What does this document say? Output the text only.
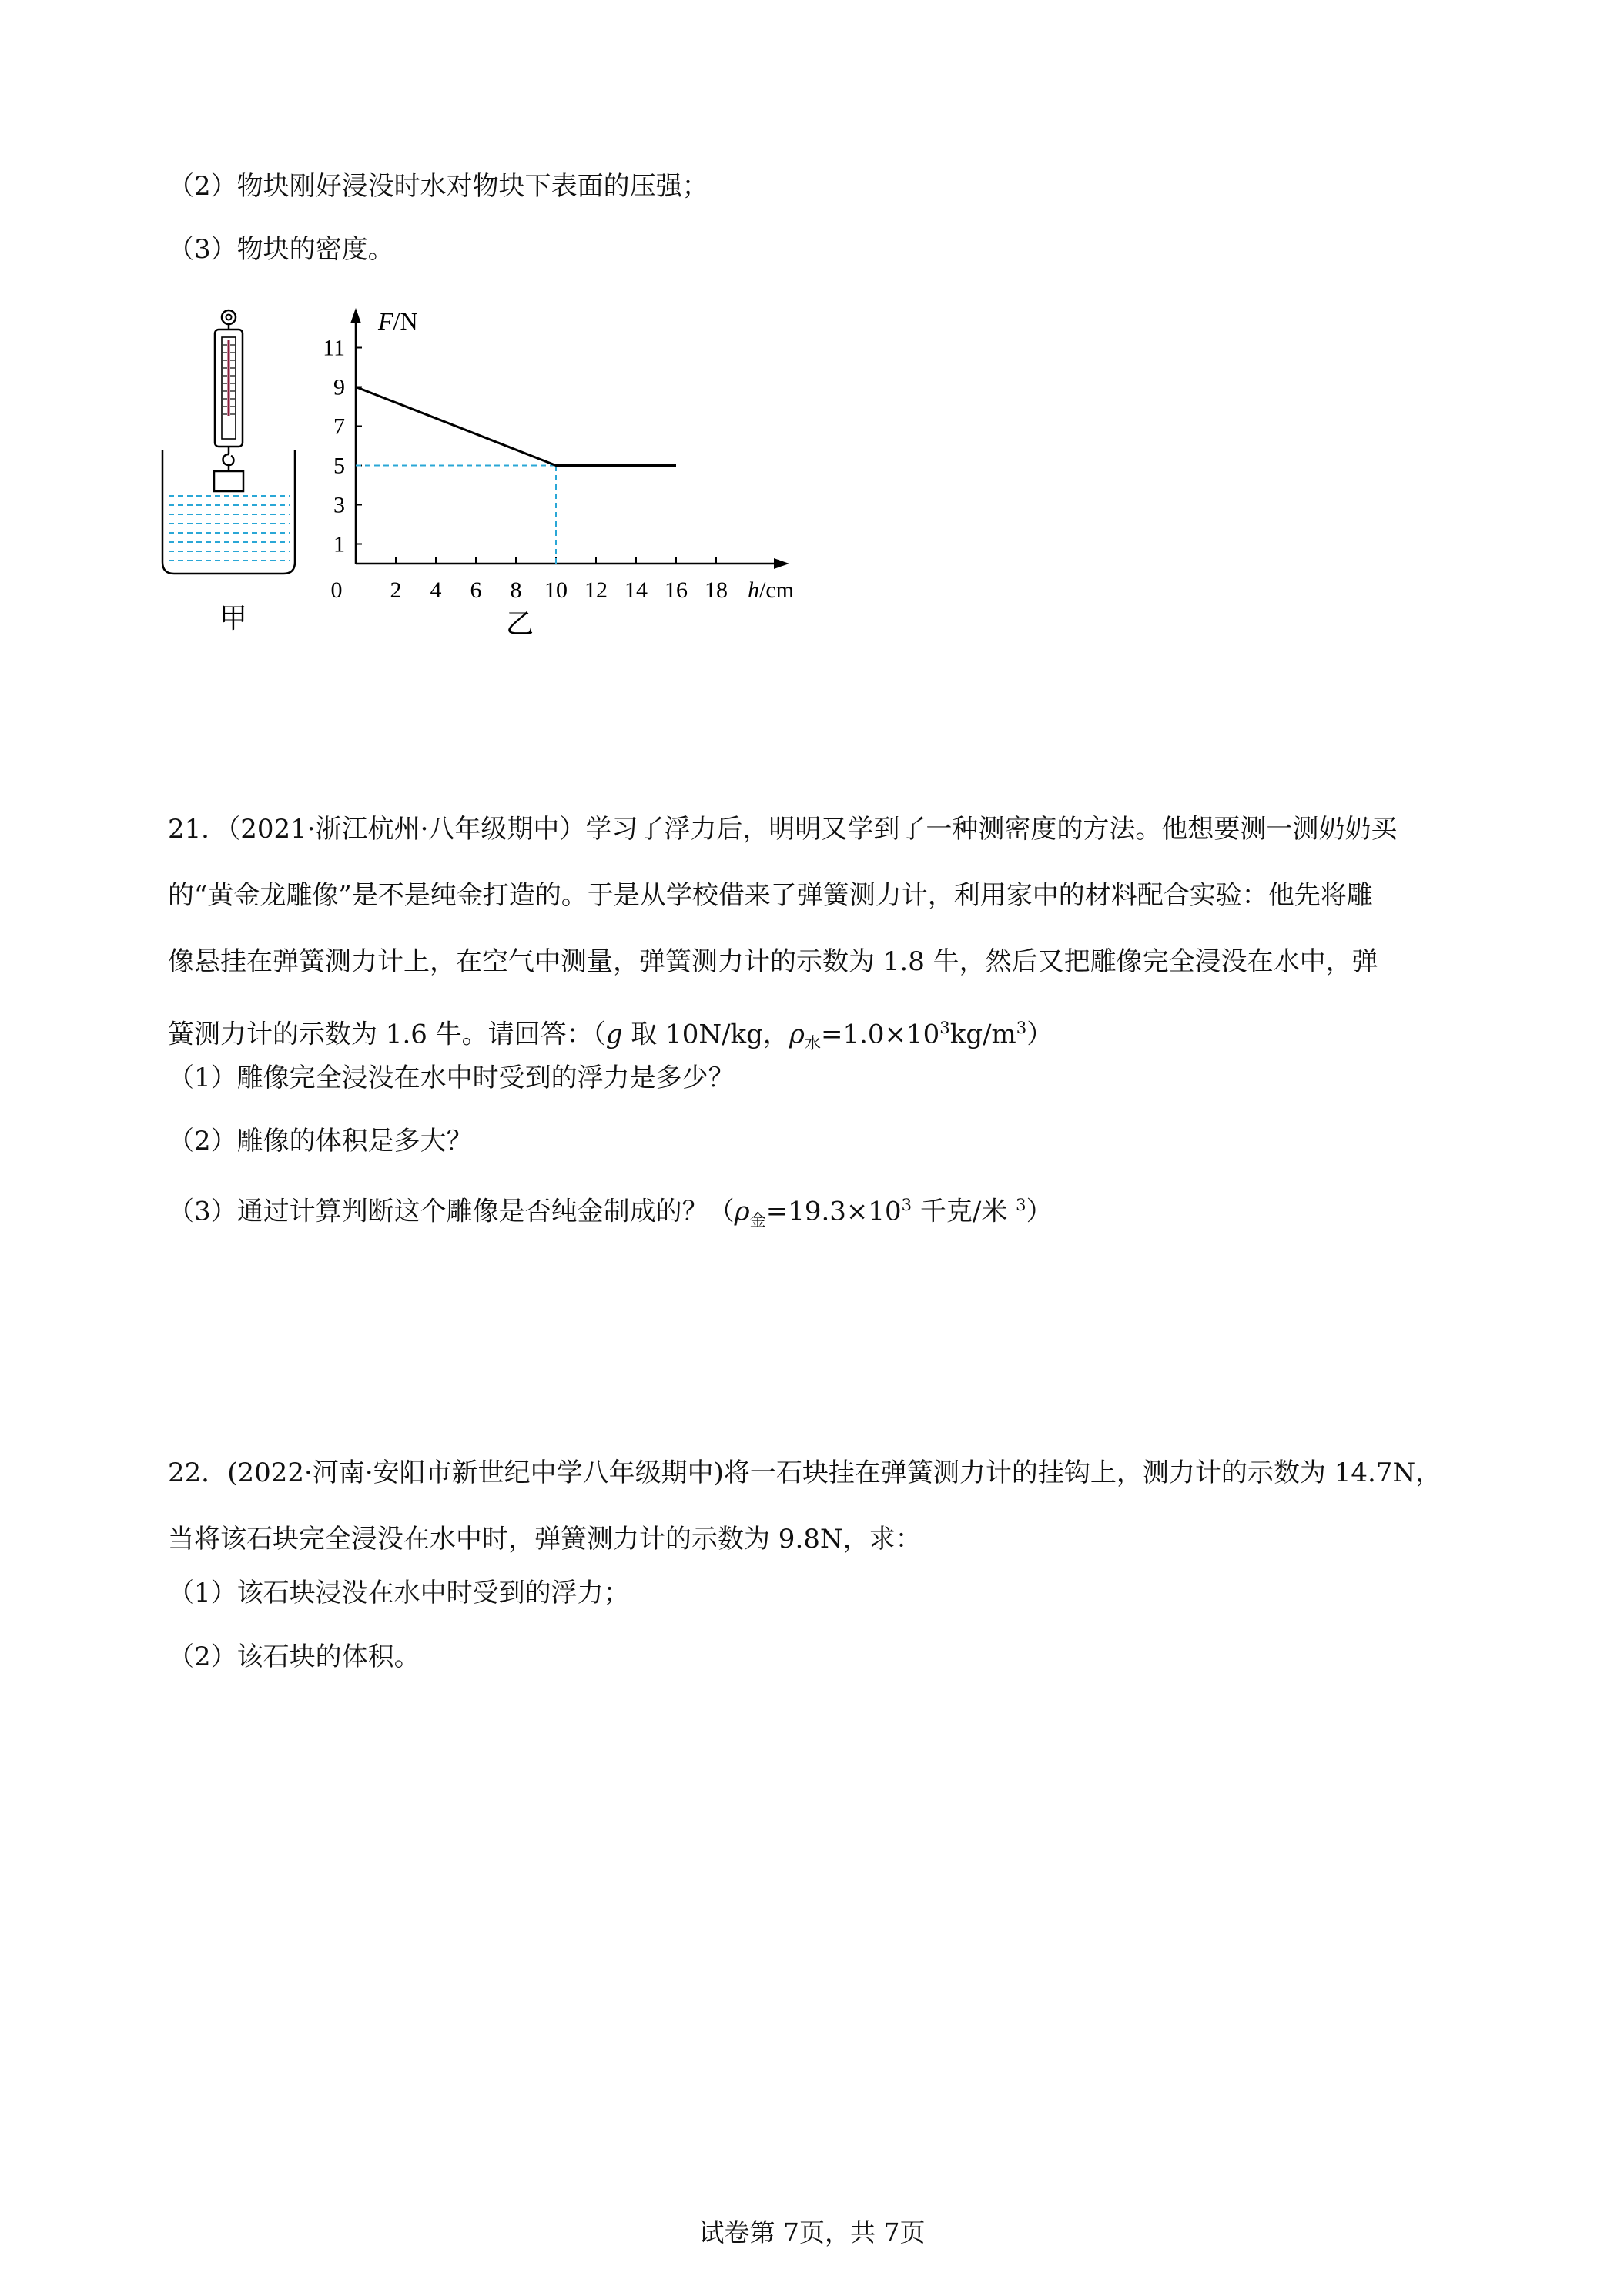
（2）物块刚好浸没时水对物块下表面的压强；
（3）物块的密度。
甲
2 4 6 8 10 12 14 16 18
1
3
5
7
9
11
0
F/N
h/cm
乙
21．（2021·浙江杭州·八年级期中）学习了浮力后，明明又学到了一种测密度的方法。他想要测一测奶奶买
的“黄金龙雕像”是不是纯金打造的。于是从学校借来了弹簧测力计，利用家中的材料配合实验：他先将雕
像悬挂在弹簧测力计上，在空气中测量，弹簧测力计的示数为 1.8 牛，然后又把雕像完全浸没在水中，弹
簧测力计的示数为 1.6 牛。请回答：（g 取 10N/kg，$\rho_水=1.0\times 10^3kg/m^3$）
（1）雕像完全浸没在水中时受到的浮力是多少？
（2）雕像的体积是多大？
（3）通过计算判断这个雕像是否纯金制成的？（$\rho_金=19.3\times 10^3$ 千克/米 $^3$）
22．(2022·河南·安阳市新世纪中学八年级期中)将一石块挂在弹簧测力计的挂钩上，测力计的示数为 14.7N，
当将该石块完全浸没在水中时，弹簧测力计的示数为 9.8N，求：
（1）该石块浸没在水中时受到的浮力；
（2）该石块的体积。
试卷第 7页，共 7页
